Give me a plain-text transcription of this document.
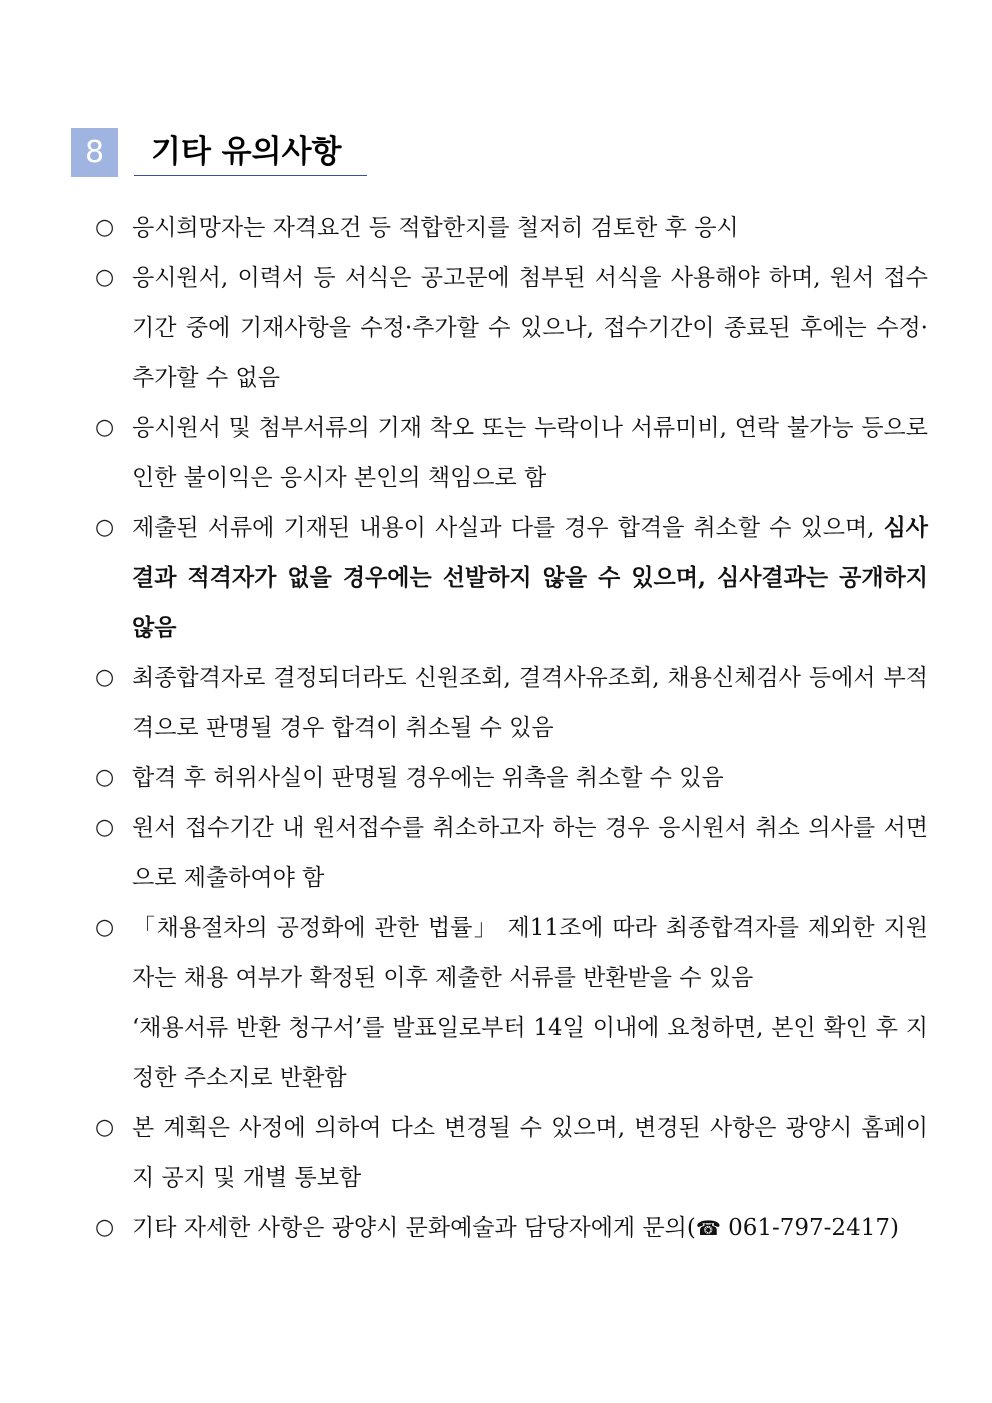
8	기타 유의사항
○ 응시희망자는 자격요건 등 적합한지를 철저히 검토한 후 응시
○ 응시원서, 이력서 등 서식은 공고문에 첨부된 서식을 사용해야 하며, 원서 접수 기간 중에 기재사항을 수정·추가할 수 있으나, 접수기간이 종료된 후에는 수정·추가할 수 없음
○ 응시원서 및 첨부서류의 기재 착오 또는 누락이나 서류미비, 연락 불가능 등으로 인한 불이익은 응시자 본인의 책임으로 함
○ 제출된 서류에 기재된 내용이 사실과 다를 경우 합격을 취소할 수 있으며, 심사결과 적격자가 없을 경우에는 선발하지 않을 수 있으며, 심사결과는 공개하지 않음
○ 최종합격자로 결정되더라도 신원조회, 결격사유조회, 채용신체검사 등에서 부적격으로 판명될 경우 합격이 취소될 수 있음
○ 합격 후 허위사실이 판명될 경우에는 위촉을 취소할 수 있음
○ 원서 접수기간 내 원서접수를 취소하고자 하는 경우 응시원서 취소 의사를 서면으로 제출하여야 함
○ 「채용절차의 공정화에 관한 법률」 제11조에 따라 최종합격자를 제외한 지원자는 채용 여부가 확정된 이후 제출한 서류를 반환받을 수 있음
‘채용서류 반환 청구서’를 발표일로부터 14일 이내에 요청하면, 본인 확인 후 지정한 주소지로 반환함
○ 본 계획은 사정에 의하여 다소 변경될 수 있으며, 변경된 사항은 광양시 홈페이지 공지 및 개별 통보함
○ 기타 자세한 사항은 광양시 문화예술과 담당자에게 문의(☎ 061-797-2417)
